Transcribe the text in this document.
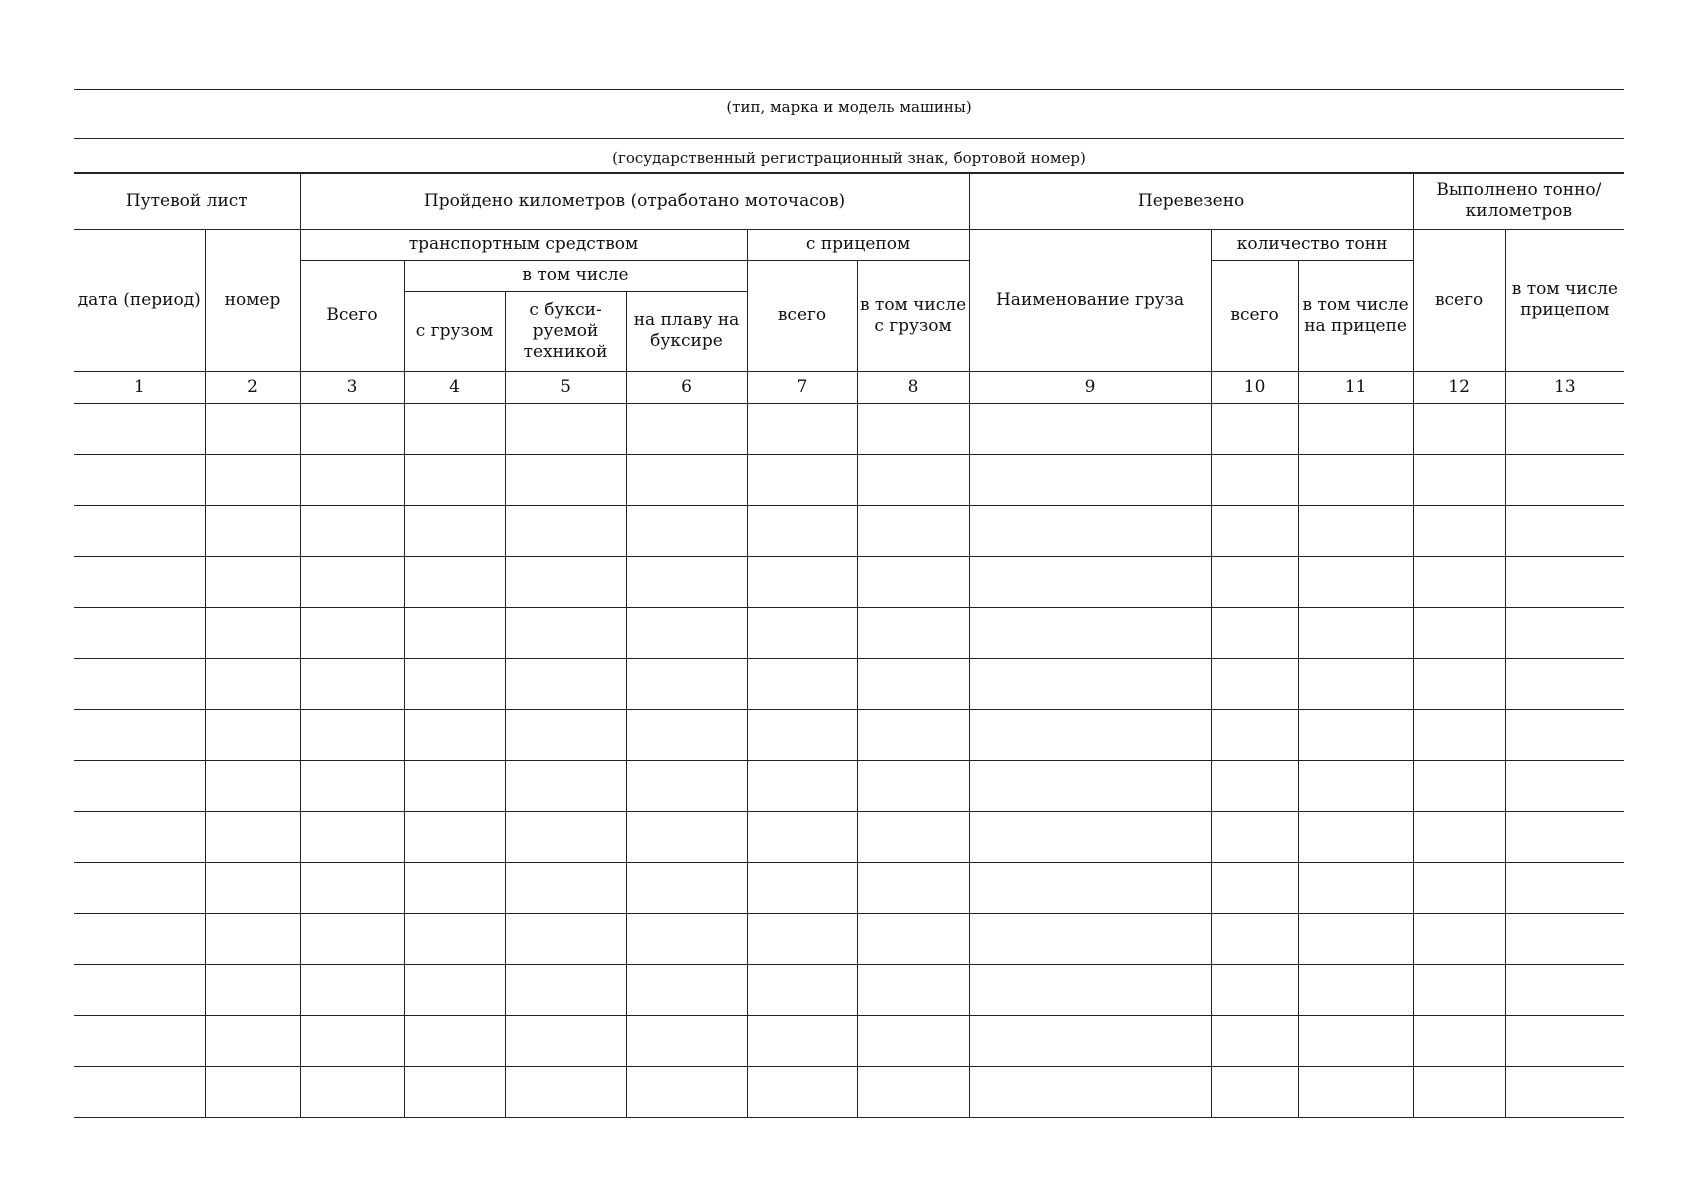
(тип, марка и модель машины)
(государственный регистрационный знак, бортовой номер)
Путевой лист		Пройдено километров (отработано моточасов)						Перевезено			Выполнено тонно/километров	
дата (период)	номер	транспортным средством				с прицепом		Наименование груза	количество тонн		всего	в том числе прицепом
		Всего	в том числе			всего	в том числе с грузом		всего	в том числе на прицепе		
			с грузом	с букси-руемой техникой	на плаву на буксире							
1	2	3	4	5	6	7	8	9	10	11	12	13
